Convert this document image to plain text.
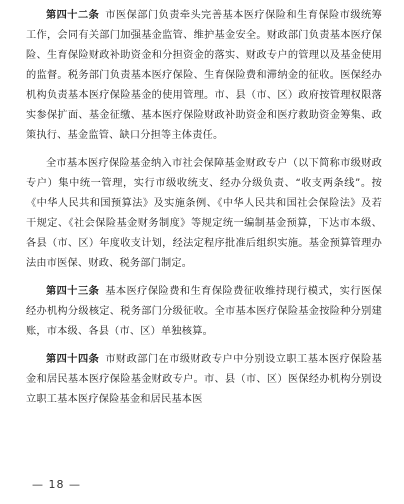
第四十二条 市医保部门负责牵头完善基本医疗保险和生育保险市级统筹工作，会同有关部门加强基金监管、维护基金安全。财政部门负责基本医疗保险、生育保险财政补助资金和分担资金的落实、财政专户的管理以及基金使用的监督。税务部门负责基本医疗保险、生育保险费和滞纳金的征收。医保经办机构负责基本医疗保险基金的使用管理。市、县（市、区）政府按管理权限落实参保扩面、基金征缴、基本医疗保险财政补助资金和医疗救助资金筹集、政策执行、基金监管、缺口分担等主体责任。

全市基本医疗保险基金纳入市社会保障基金财政专户（以下简称市级财政专户）集中统一管理，实行市级收统支、经办分级负责、“收支两条线”。按《中华人民共和国预算法》及实施条例、《中华人民共和国社会保险法》及若干规定、《社会保险基金财务制度》等规定统一编制基金预算，下达市本级、各县（市、区）年度收支计划，经法定程序批准后组织实施。基金预算管理办法由市医保、财政、税务部门制定。

第四十三条 基本医疗保险费和生育保险费征收维持现行模式，实行医保经办机构分级核定、税务部门分级征收。全市基本医疗保险基金按险种分别建账，市本级、各县（市、区）单独核算。

第四十四条 市财政部门在市级财政专户中分别设立职工基本医疗保险基金和居民基本医疗保险基金财政专户。市、县（市、区）医保经办机构分别设立职工基本医疗保险基金和居民基本医

— 18 —
